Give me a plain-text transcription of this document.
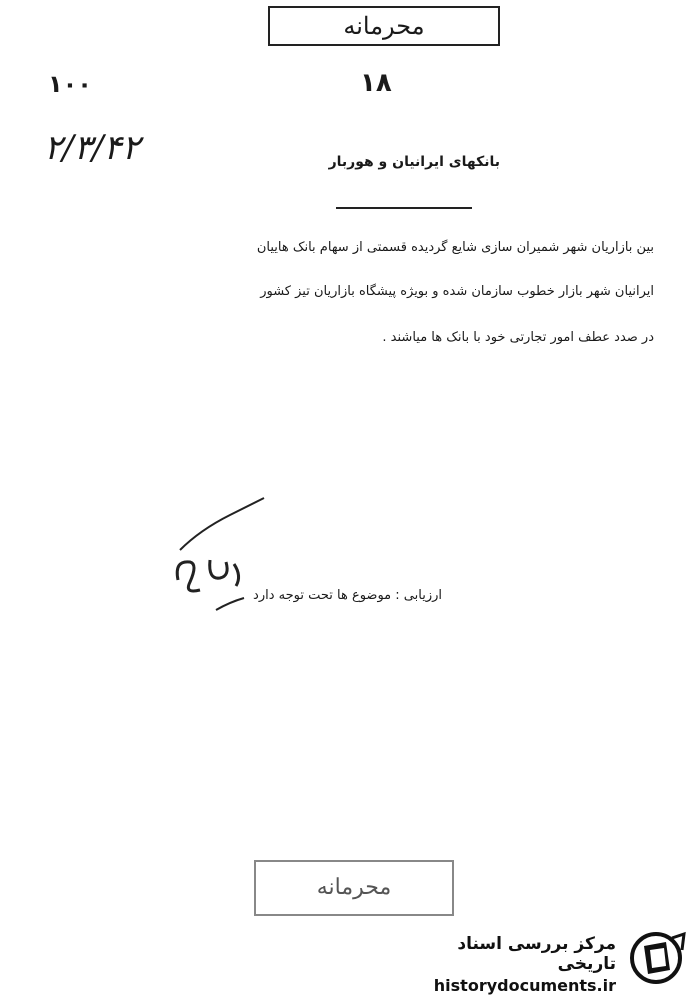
محرمانه
۱۰۰	۱۸
۲/۳/۴۲	بانکهای ایرانیان و هوربار
بین بازاریان شهر شمیران سازی شایع گردیده قسمتی از سهام بانک هاییان
ایرانیان شهر بازار خطوب سازمان شده و بویژه پیشگاه بازاریان تیز کشور
در صدد عطف امور تجارتی خود با بانک ها میاشند .
ارزیابی : موضوع ها تحت توجه دارد
محرمانه
مرکز بررسی اسناد تاریخی
historydocuments.ir
